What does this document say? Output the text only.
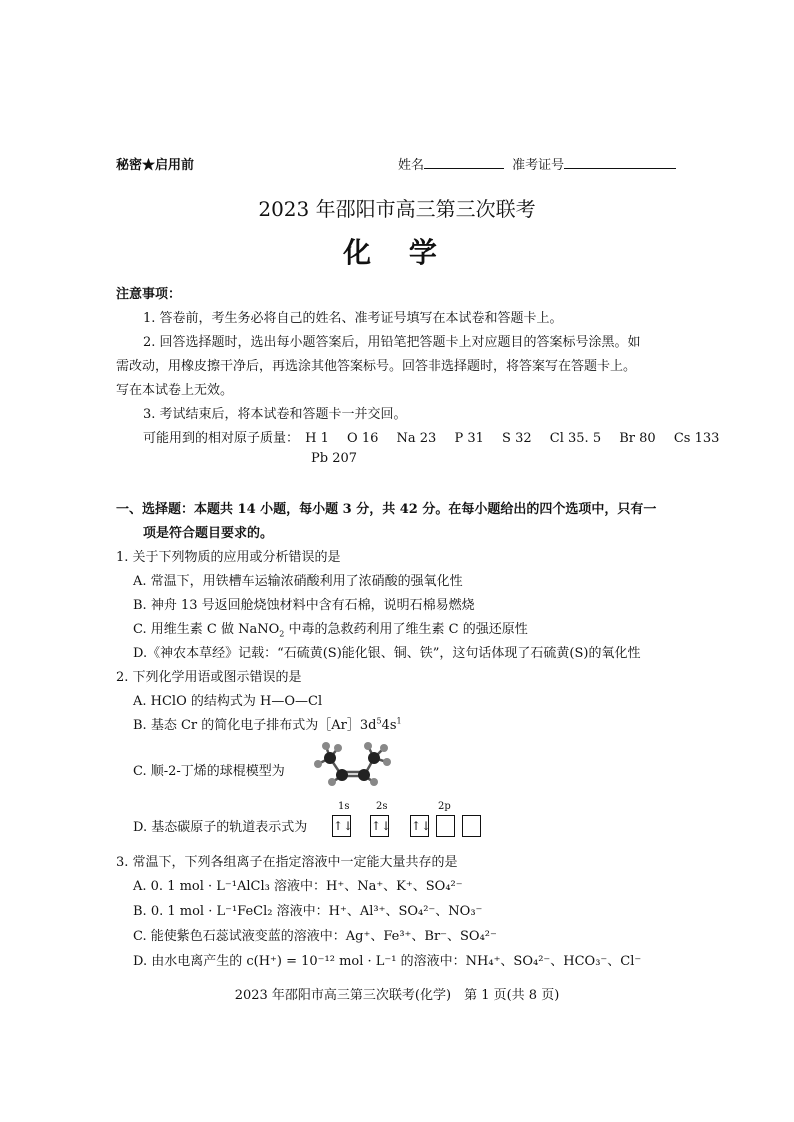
秘密★启用前	姓名	准考证号
2023 年邵阳市高三第三次联考
化 学
注意事项：
1. 答卷前，考生务必将自己的姓名、准考证号填写在本试卷和答题卡上。
2. 回答选择题时，选出每小题答案后，用铅笔把答题卡上对应题目的答案标号涂黑。如
需改动，用橡皮擦干净后，再选涂其他答案标号。回答非选择题时，将答案写在答题卡上。
写在本试卷上无效。
3. 考试结束后，将本试卷和答题卡一并交回。
可能用到的相对原子质量： H 1 O 16 Na 23 P 31 S 32 Cl 35. 5 Br 80 Cs 133
Pb 207
一、选择题：本题共 14 小题，每小题 3 分，共 42 分。在每小题给出的四个选项中，只有一
项是符合题目要求的。
1. 关于下列物质的应用或分析错误的是
A. 常温下，用铁槽车运输浓硝酸利用了浓硝酸的强氧化性
B. 神舟 13 号返回舱烧蚀材料中含有石棉，说明石棉易燃烧
C. 用维生素 C 做 NaNO$_2$ 中毒的急救药利用了维生素 C 的强还原性
D.《神农本草经》记载：“石硫黄(S)能化银、铜、铁”，这句话体现了石硫黄(S)的氧化性
2. 下列化学用语或图示错误的是
A. HClO 的结构式为 H—O—Cl
B. 基态 Cr 的简化电子排布式为$[Ar]3d^54s^1$
C. 顺-2-丁烯的球棍模型为
D. 基态碳原子的轨道表示式为
1s	2s	2p
↑↓ ↑↓ ↑↓
3. 常温下，下列各组离子在指定溶液中一定能大量共存的是
A. 0. 1 mol · L⁻¹AlCl₃ 溶液中：H⁺、Na⁺、K⁺、SO₄²⁻
B. 0. 1 mol · L⁻¹FeCl₂ 溶液中：H⁺、Al³⁺、SO₄²⁻、NO₃⁻
C. 能使紫色石蕊试液变蓝的溶液中：Ag⁺、Fe³⁺、Br⁻、SO₄²⁻
D. 由水电离产生的 c(H⁺) = 10⁻¹² mol · L⁻¹ 的溶液中：NH₄⁺、SO₄²⁻、HCO₃⁻、Cl⁻
2023 年邵阳市高三第三次联考(化学)　第 1 页(共 8 页)
